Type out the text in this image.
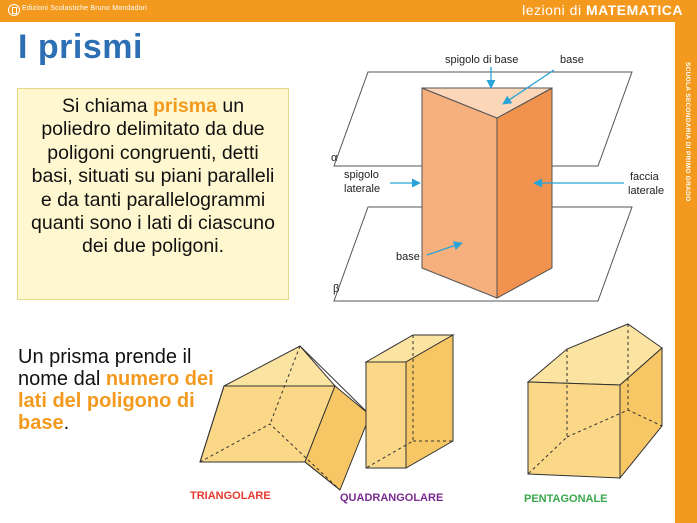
Edizioni Scolastiche Bruno Mondadori	lezioni di MATEMATICA
SCUOLA SECONDARIA DI PRIMO GRADO
I prismi
Si chiama prisma un poliedro delimitato da due poligoni congruenti, detti basi, situati su piani paralleli e da tanti parallelogrammi quanti sono i lati di ciascuno dei due poligoni.
Un prisma prende il nome dal numero dei lati del poligono di base.
spigolo di base	base
α
spigolo
laterale
faccia
laterale
base
β
TRIANGOLARE	QUADRANGOLARE	PENTAGONALE
